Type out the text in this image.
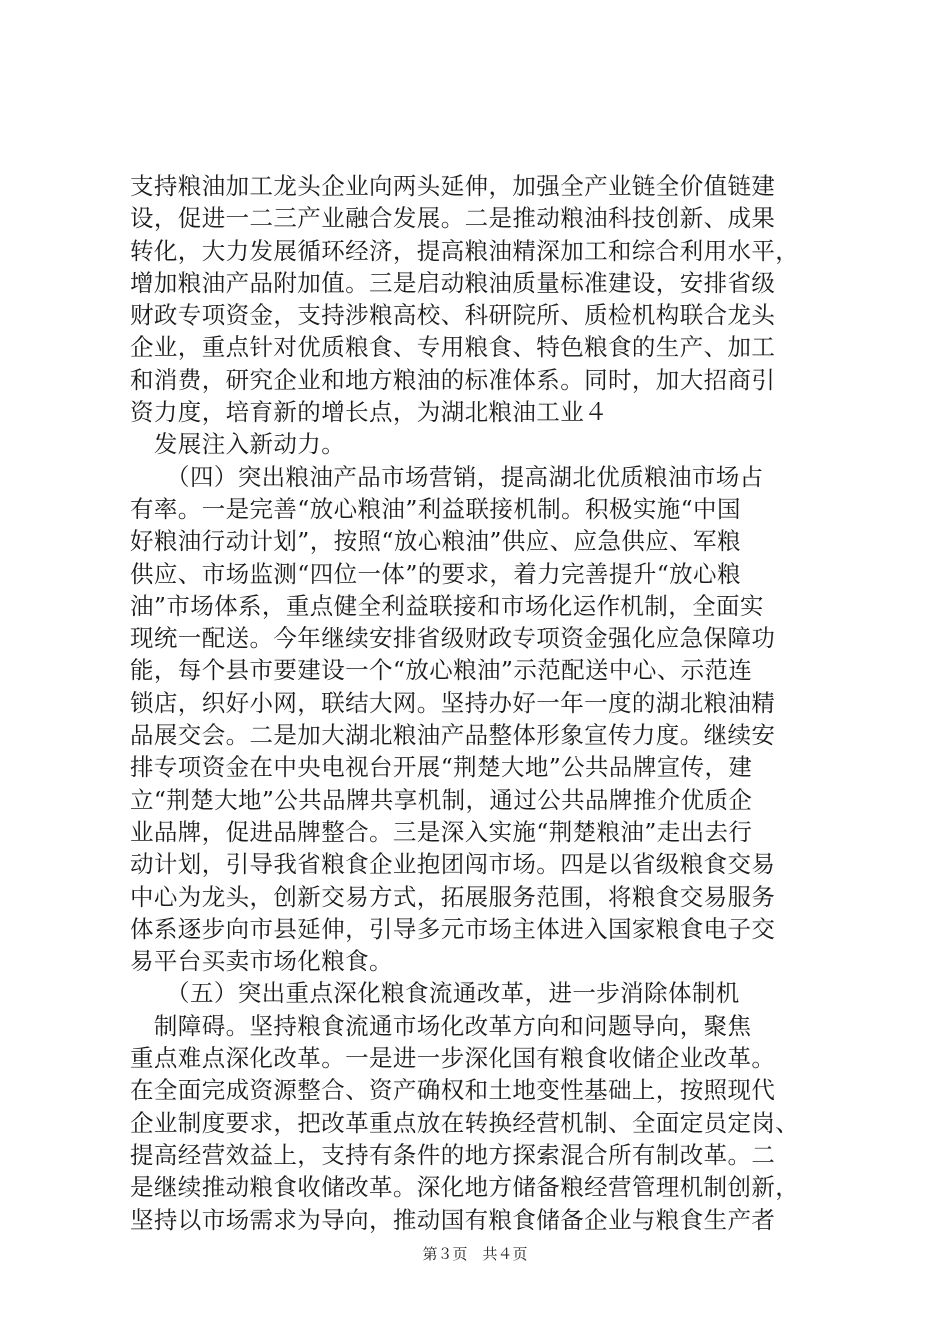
支持粮油加工龙头企业向两头延伸，加强全产业链全价值链建
设，促进一二三产业融合发展。二是推动粮油科技创新、成果
转化，大力发展循环经济，提高粮油精深加工和综合利用水平，
增加粮油产品附加值。三是启动粮油质量标准建设，安排省级
财政专项资金，支持涉粮高校、科研院所、质检机构联合龙头
企业，重点针对优质粮食、专用粮食、特色粮食的生产、加工
和消费，研究企业和地方粮油的标准体系。同时，加大招商引
资力度，培育新的增长点，为湖北粮油工业４
　发展注入新动力。
　　（四）突出粮油产品市场营销，提高湖北优质粮油市场占
有率。一是完善“放心粮油”利益联接机制。积极实施“中国
好粮油行动计划”，按照“放心粮油”供应、应急供应、军粮
供应、市场监测“四位一体”的要求，着力完善提升“放心粮
油”市场体系，重点健全利益联接和市场化运作机制，全面实
现统一配送。今年继续安排省级财政专项资金强化应急保障功
能，每个县市要建设一个“放心粮油”示范配送中心、示范连
锁店，织好小网，联结大网。坚持办好一年一度的湖北粮油精
品展交会。二是加大湖北粮油产品整体形象宣传力度。继续安
排专项资金在中央电视台开展“荆楚大地”公共品牌宣传，建
立“荆楚大地”公共品牌共享机制，通过公共品牌推介优质企
业品牌，促进品牌整合。三是深入实施“荆楚粮油”走出去行
动计划，引导我省粮食企业抱团闯市场。四是以省级粮食交易
中心为龙头，创新交易方式，拓展服务范围，将粮食交易服务
体系逐步向市县延伸，引导多元市场主体进入国家粮食电子交
易平台买卖市场化粮食。
　　（五）突出重点深化粮食流通改革，进一步消除体制机
　制障碍。坚持粮食流通市场化改革方向和问题导向，聚焦
重点难点深化改革。一是进一步深化国有粮食收储企业改革。
在全面完成资源整合、资产确权和土地变性基础上，按照现代
企业制度要求，把改革重点放在转换经营机制、全面定员定岗、
提高经营效益上，支持有条件的地方探索混合所有制改革。二
是继续推动粮食收储改革。深化地方储备粮经营管理机制创新，
坚持以市场需求为导向，推动国有粮食储备企业与粮食生产者
第３页　共４页
